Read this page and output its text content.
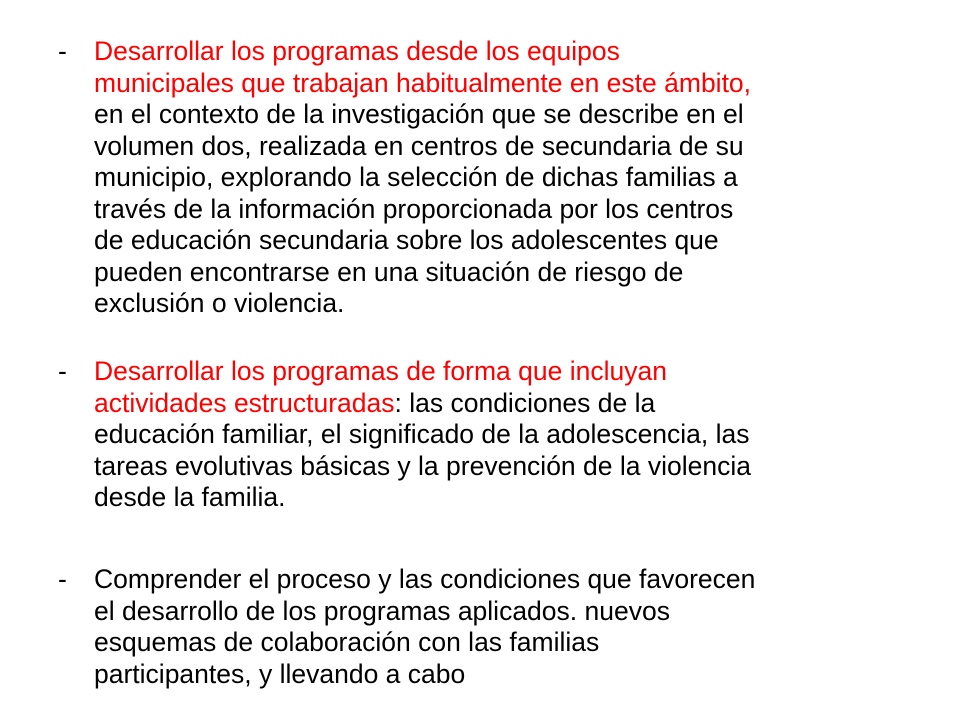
-	Desarrollar los programas desde los equipos
municipales que trabajan habitualmente en este ámbito,
en el contexto de la investigación que se describe en el
volumen dos, realizada en centros de secundaria de su
municipio, explorando la selección de dichas familias a
través de la información proporcionada por los centros
de educación secundaria sobre los adolescentes que
pueden encontrarse en una situación de riesgo de
exclusión o violencia.
-	Desarrollar los programas de forma que incluyan
actividades estructuradas: las condiciones de la
educación familiar, el significado de la adolescencia, las
tareas evolutivas básicas y la prevención de la violencia
desde la familia.
-	Comprender el proceso y las condiciones que favorecen
el desarrollo de los programas aplicados. nuevos
esquemas de colaboración con las familias
participantes, y llevando a cabo
